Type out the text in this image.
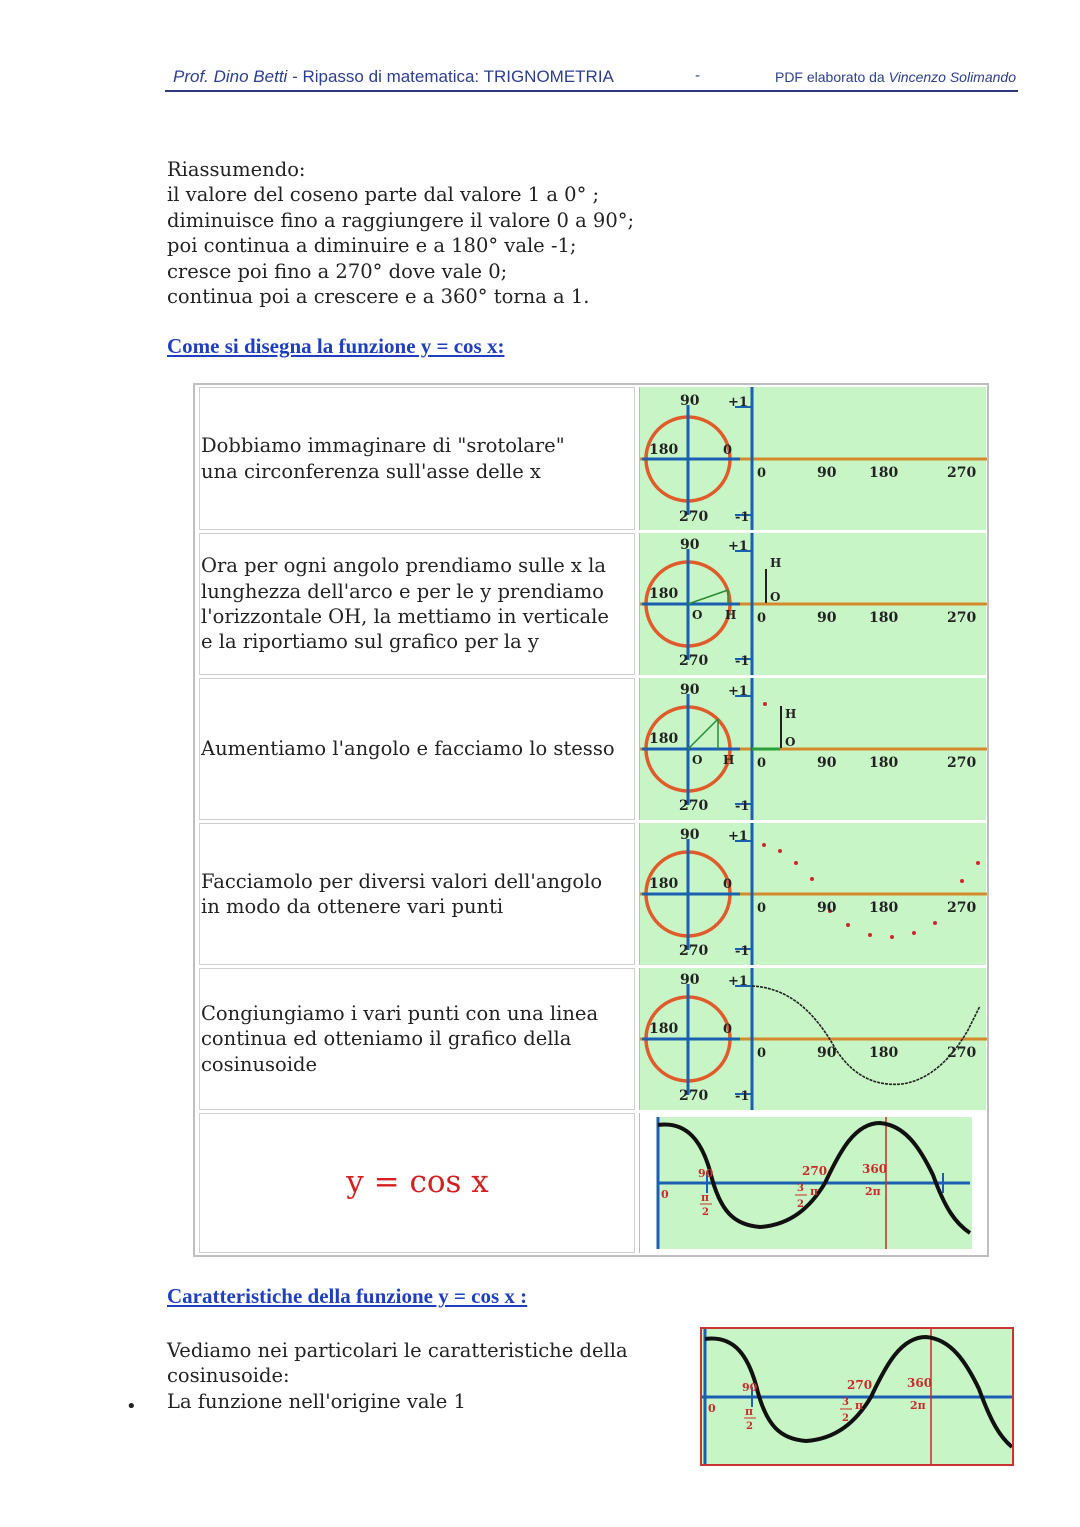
Prof. Dino Betti - Ripasso di matematica: TRIGNOMETRIA	-	PDF elaborato da Vincenzo Solimando
Riassumendo:
il valore del coseno parte dal valore 1 a 0° ;
diminuisce fino a raggiungere il valore 0 a 90°;
poi continua a diminuire e a 180° vale -1;
cresce poi fino a 270° dove vale 0;
continua poi a crescere e a 360° torna a 1.
Come si disegna la funzione y = cos x:
Dobbiamo immaginare di "srotolare" una circonferenza sull'asse delle x
Ora per ogni angolo prendiamo sulle x la lunghezza dell'arco e per le y prendiamo l'orizzontale OH, la mettiamo in verticale e la riportiamo sul grafico per la y
Aumentiamo l'angolo e facciamo lo stesso
Facciamolo per diversi valori dell'angolo in modo da ottenere vari punti
Congiungiamo i vari punti con una linea continua ed otteniamo il grafico della cosinusoide
y = cos x
90 +1
180	0
0	90 180	270
270 -1
90 +1
180
O H
H
O
0	90 180	270
270 -1
90 +1
180
O H
H
O
0	90 180	270
270 -1
90 +1
180	0
0	90 180	270
270 -1
90 +1
180	0
0	90 180	270
270 -1
0
90
π
2
270
3
2
π
360
2π
Caratteristiche della funzione y = cos x :
Vediamo nei particolari le caratteristiche della
cosinusoide:
La funzione nell'origine vale 1
•	0
90
π
2
270
3
2
π
360
2π
